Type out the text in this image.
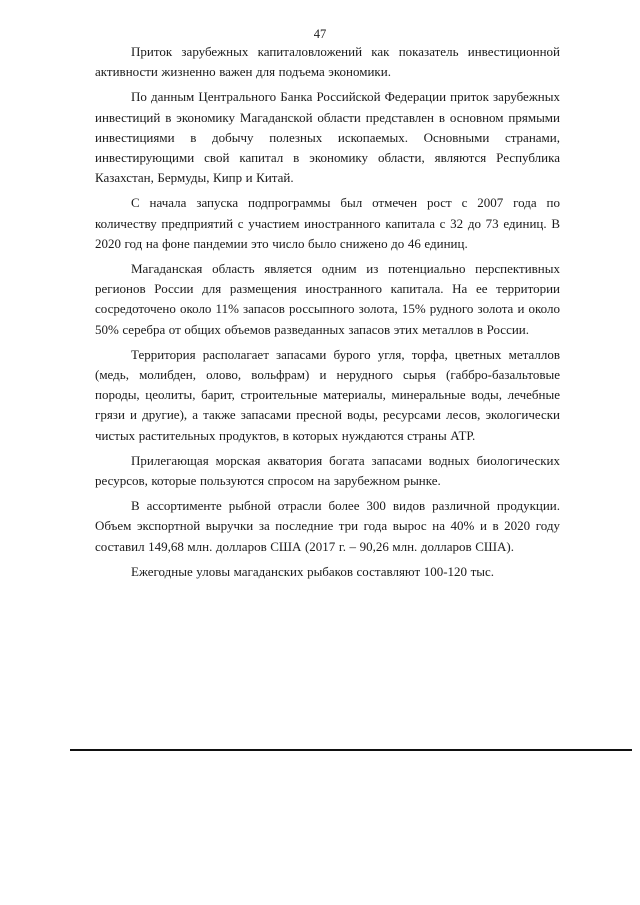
47

Приток зарубежных капиталовложений как показатель инвестиционной активности жизненно важен для подъема экономики.

По данным Центрального Банка Российской Федерации приток зарубежных инвестиций в экономику Магаданской области представлен в основном прямыми инвестициями в добычу полезных ископаемых. Основными странами, инвестирующими свой капитал в экономику области, являются Республика Казахстан, Бермуды, Кипр и Китай.

С начала запуска подпрограммы был отмечен рост с 2007 года по количеству предприятий с участием иностранного капитала с 32 до 73 единиц. В 2020 год на фоне пандемии это число было снижено до 46 единиц.

Магаданская область является одним из потенциально перспективных регионов России для размещения иностранного капитала. На ее территории сосредоточено около 11% запасов россыпного золота, 15% рудного золота и около 50% серебра от общих объемов разведанных запасов этих металлов в России.

Территория располагает запасами бурого угля, торфа, цветных металлов (медь, молибден, олово, вольфрам) и нерудного сырья (габбро-базальтовые породы, цеолиты, барит, строительные материалы, минеральные воды, лечебные грязи и другие), а также запасами пресной воды, ресурсами лесов, экологически чистых растительных продуктов, в которых нуждаются страны АТР.

Прилегающая морская акватория богата запасами водных биологических ресурсов, которые пользуются спросом на зарубежном рынке.

В ассортименте рыбной отрасли более 300 видов различной продукции. Объем экспортной выручки за последние три года вырос на 40% и в 2020 году составил 149,68 млн. долларов США (2017 г. – 90,26 млн. долларов США).

Ежегодные уловы магаданских рыбаков составляют 100-120 тыс.
